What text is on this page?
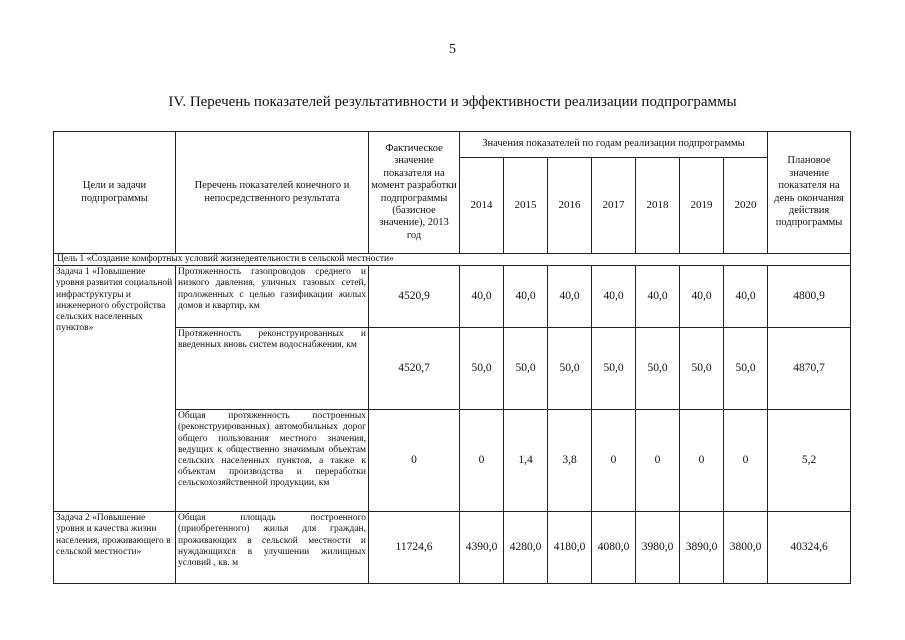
5
IV. Перечень показателей результативности и эффективности реализации подпрограммы
Цели и задачи подпрограммы	Перечень показателей конечного и непосредственного результата	Фактическое значение показателя на момент разработки подпрограммы (базисное значение), 2013 год	Значения показателей по годам реализации подпрограммы							Плановое значение показателя на день окончания действия подпрограммы
			2014	2015	2016	2017	2018	2019	2020	
Цель 1 «Создание комфортных условий жизнедеятельности в сельской местности»										
Задача 1 «Повышение уровня развития социальной инфраструктуры и инженерного обустройства сельских населенных пунктов»	Протяженность газопроводов среднего и низкого давления, уличных газовых сетей, проложенных с целью газификации жилых домов и квартир, км	4520,9	40,0	40,0	40,0	40,0	40,0	40,0	40,0	4800,9
	Протяженность реконструированных и введенных вновь систем водоснабжения, км	4520,7	50,0	50,0	50,0	50,0	50,0	50,0	50,0	4870,7
	Общая протяженность построенных (реконструированных) автомобильных дорог общего пользования местного значения, ведущих к общественно значимым объектам сельских населенных пунктов, а также к объектам производства и переработки сельскохозяйственной продукции, км	0	0	1,4	3,8	0	0	0	0	5,2
Задача 2 «Повышение уровня и качества жизни населения, проживающего в сельской местности»	Общая площадь построенного (приобретенного) жилья для граждан, проживающих в сельской местности и нуждающихся в улучшении жилищных условий , кв. м	11724,6	4390,0	4280,0	4180,0	4080,0	3980,0	3890,0	3800,0	40324,6
